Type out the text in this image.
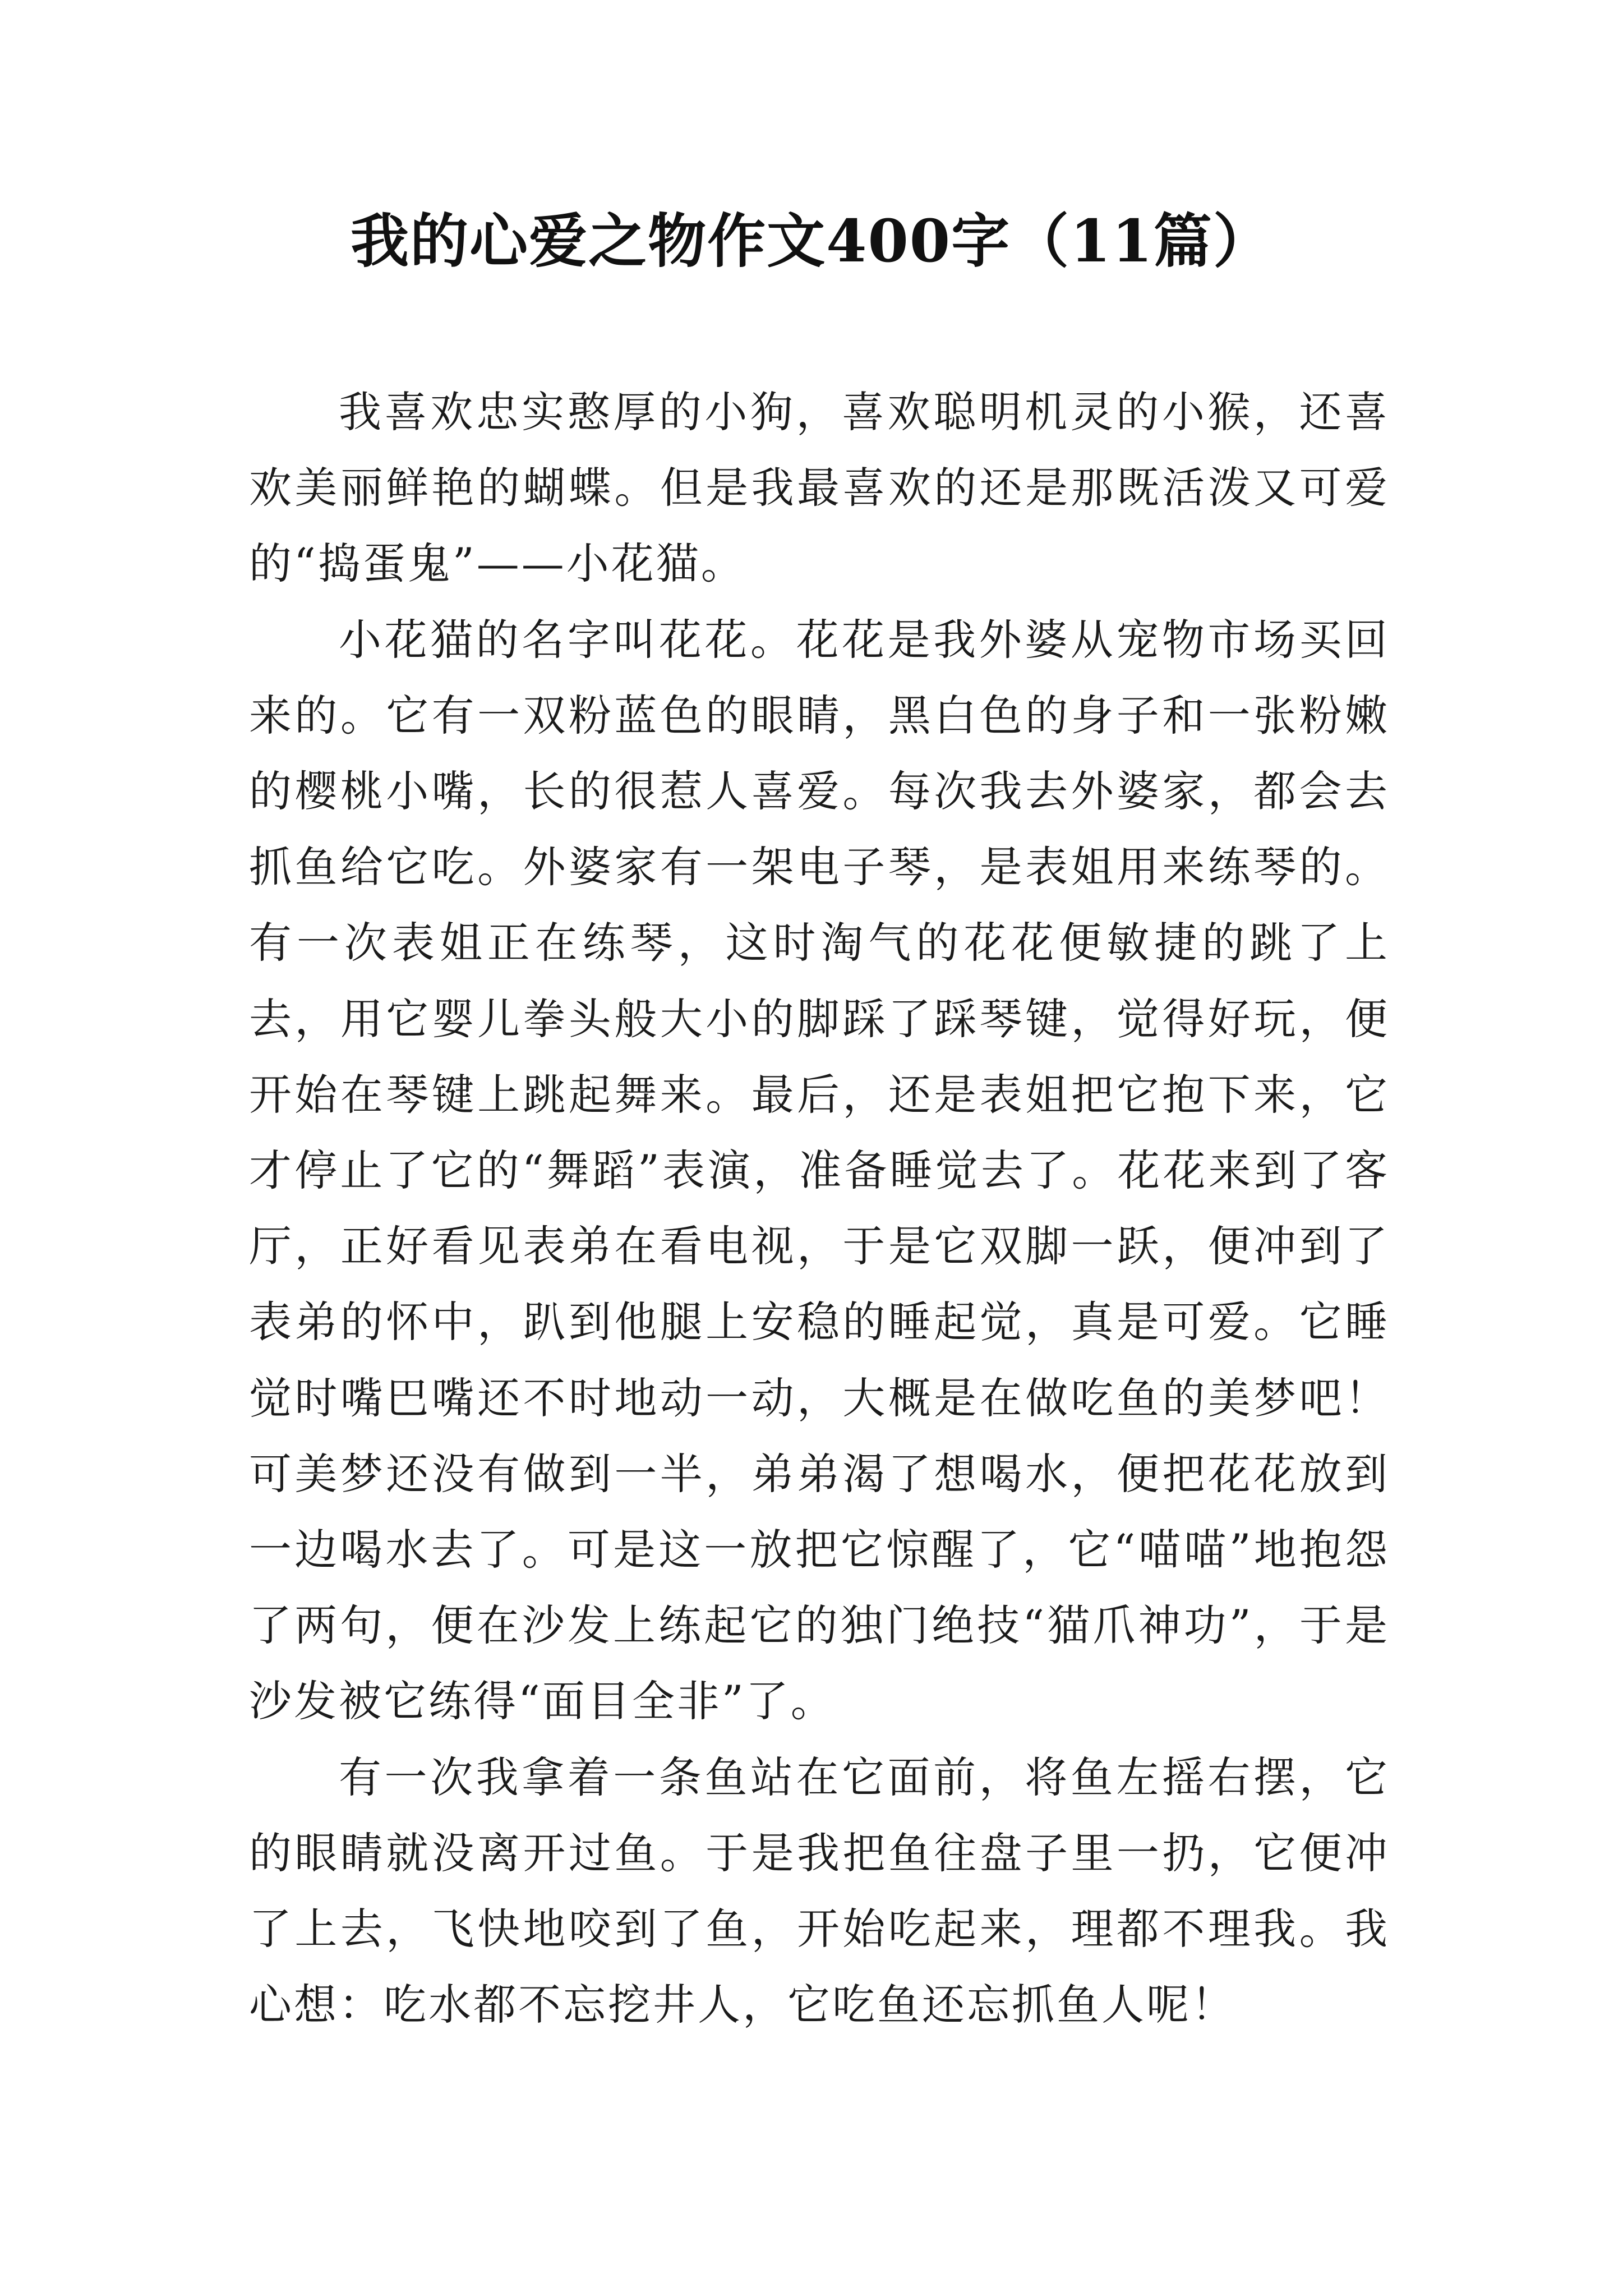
我的心爱之物作文400字（11篇）

我喜欢忠实憨厚的小狗，喜欢聪明机灵的小猴，还喜欢美丽鲜艳的蝴蝶。但是我最喜欢的还是那既活泼又可爱的“捣蛋鬼”——小花猫。

小花猫的名字叫花花。花花是我外婆从宠物市场买回来的。它有一双粉蓝色的眼睛，黑白色的身子和一张粉嫩的樱桃小嘴，长的很惹人喜爱。每次我去外婆家，都会去抓鱼给它吃。外婆家有一架电子琴，是表姐用来练琴的。有一次表姐正在练琴，这时淘气的花花便敏捷的跳了上去，用它婴儿拳头般大小的脚踩了踩琴键，觉得好玩，便开始在琴键上跳起舞来。最后，还是表姐把它抱下来，它才停止了它的“舞蹈”表演，准备睡觉去了。花花来到了客厅，正好看见表弟在看电视，于是它双脚一跃，便冲到了表弟的怀中，趴到他腿上安稳的睡起觉，真是可爱。它睡觉时嘴巴嘴还不时地动一动，大概是在做吃鱼的美梦吧！可美梦还没有做到一半，弟弟渴了想喝水，便把花花放到一边喝水去了。可是这一放把它惊醒了，它“喵喵”地抱怨了两句，便在沙发上练起它的独门绝技“猫爪神功”，于是沙发被它练得“面目全非”了。

有一次我拿着一条鱼站在它面前，将鱼左摇右摆，它的眼睛就没离开过鱼。于是我把鱼往盘子里一扔，它便冲了上去，飞快地咬到了鱼，开始吃起来，理都不理我。我心想：吃水都不忘挖井人，它吃鱼还忘抓鱼人呢！
